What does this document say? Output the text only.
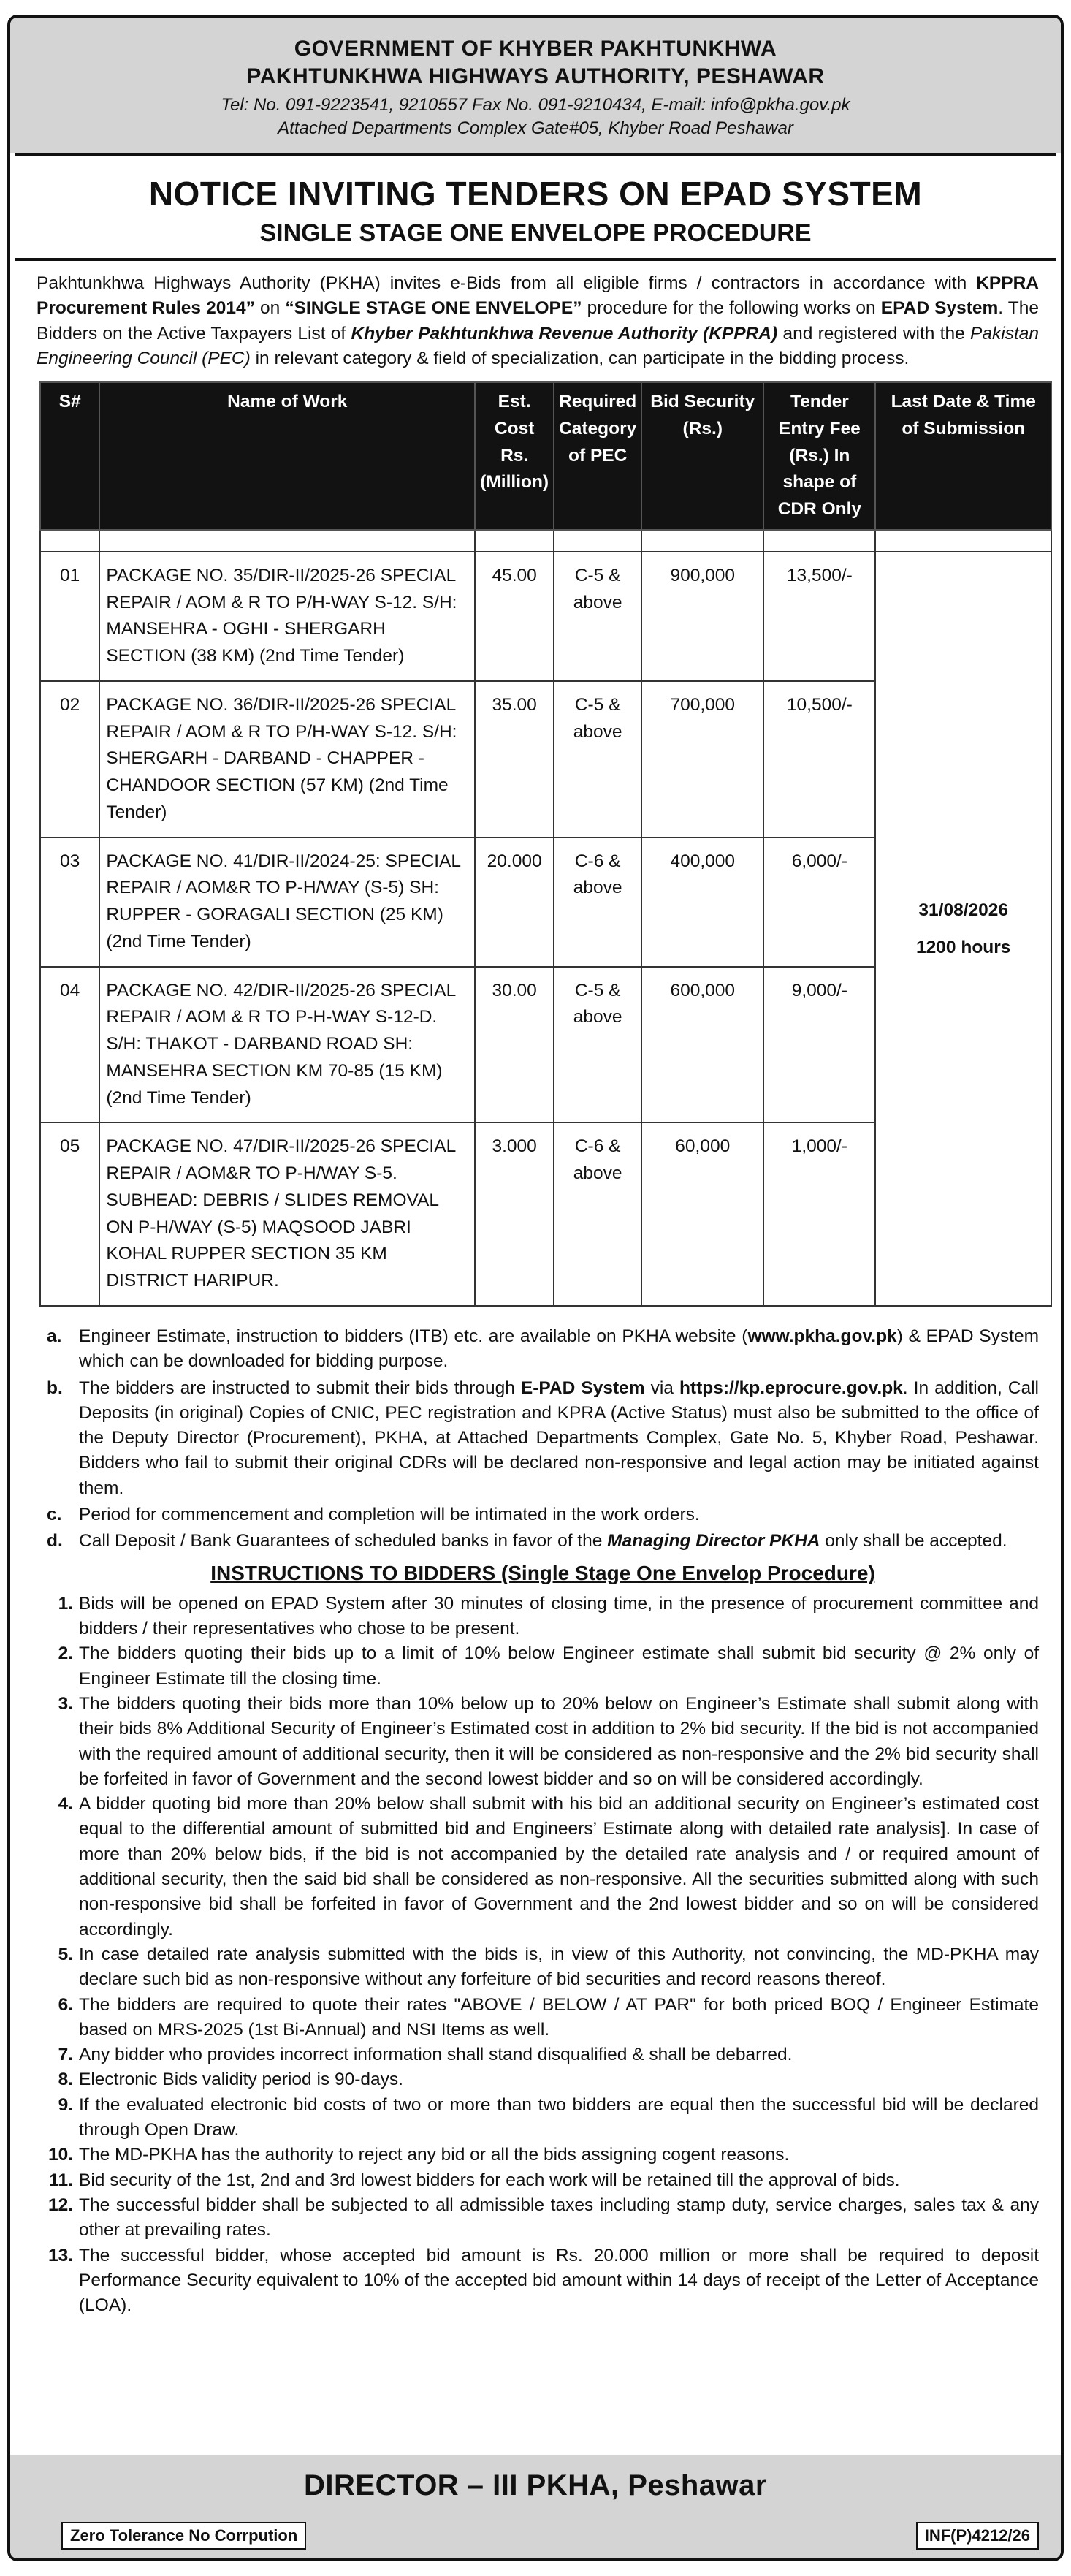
GOVERNMENT OF KHYBER PAKHTUNKHWA
PAKHTUNKHWA HIGHWAYS AUTHORITY, PESHAWAR
Tel: No. 091-9223541, 9210557 Fax No. 091-9210434, E-mail: info@pkha.gov.pk
Attached Departments Complex Gate#05, Khyber Road Peshawar
NOTICE INVITING TENDERS ON EPAD SYSTEM
SINGLE STAGE ONE ENVELOPE PROCEDURE
Pakhtunkhwa Highways Authority (PKHA) invites e-Bids from all eligible firms / contractors in accordance with KPPRA Procurement Rules 2014” on “SINGLE STAGE ONE ENVELOPE” procedure for the following works on EPAD System. The Bidders on the Active Taxpayers List of Khyber Pakhtunkhwa Revenue Authority (KPPRA) and registered with the Pakistan Engineering Council (PEC) in relevant category & field of specialization, can participate in the bidding process.
S#	Name of Work	Est. Cost Rs. (Million)	Required Category of PEC	Bid Security (Rs.)	Tender Entry Fee (Rs.) In shape of CDR Only	Last Date & Time of Submission

01	PACKAGE NO. 35/DIR-II/2025-26 SPECIAL REPAIR / AOM & R TO P/H-WAY S-12. S/H: MANSEHRA - OGHI - SHERGARH SECTION (38 KM) (2nd Time Tender)	45.00	C-5 & above	900,000	13,500/-	31/08/2026
1200 hours

02	PACKAGE NO. 36/DIR-II/2025-26 SPECIAL REPAIR / AOM & R TO P/H-WAY S-12. S/H: SHERGARH - DARBAND - CHAPPER - CHANDOOR SECTION (57 KM) (2nd Time Tender)	35.00	C-5 & above	700,000	10,500/-	
03	PACKAGE NO. 41/DIR-II/2024-25: SPECIAL REPAIR / AOM&R TO P-H/WAY (S-5) SH: RUPPER - GORAGALI SECTION (25 KM) (2nd Time Tender)	20.000	C-6 & above	400,000	6,000/-	
04	PACKAGE NO. 42/DIR-II/2025-26 SPECIAL REPAIR / AOM & R TO P-H-WAY S-12-D. S/H: THAKOT - DARBAND ROAD SH: MANSEHRA SECTION KM 70-85 (15 KM) (2nd Time Tender)	30.00	C-5 & above	600,000	9,000/-	
05	PACKAGE NO. 47/DIR-II/2025-26 SPECIAL REPAIR / AOM&R TO P-H/WAY S-5. SUBHEAD: DEBRIS / SLIDES REMOVAL ON P-H/WAY (S-5) MAQSOOD JABRI KOHAL RUPPER SECTION 35 KM DISTRICT HARIPUR.	3.000	C-6 & above	60,000	1,000/-	
a. Engineer Estimate, instruction to bidders (ITB) etc. are available on PKHA website (www.pkha.gov.pk) & EPAD System which can be downloaded for bidding purpose.
b. The bidders are instructed to submit their bids through E-PAD System via https://kp.eprocure.gov.pk. In addition, Call Deposits (in original) Copies of CNIC, PEC registration and KPRA (Active Status) must also be submitted to the office of the Deputy Director (Procurement), PKHA, at Attached Departments Complex, Gate No. 5, Khyber Road, Peshawar. Bidders who fail to submit their original CDRs will be declared non-responsive and legal action may be initiated against them.
c. Period for commencement and completion will be intimated in the work orders.
d. Call Deposit / Bank Guarantees of scheduled banks in favor of the Managing Director PKHA only shall be accepted.
INSTRUCTIONS TO BIDDERS (Single Stage One Envelop Procedure)
1. Bids will be opened on EPAD System after 30 minutes of closing time, in the presence of procurement committee and bidders / their representatives who chose to be present.
2. The bidders quoting their bids up to a limit of 10% below Engineer estimate shall submit bid security @ 2% only of Engineer Estimate till the closing time.
3. The bidders quoting their bids more than 10% below up to 20% below on Engineer’s Estimate shall submit along with their bids 8% Additional Security of Engineer’s Estimated cost in addition to 2% bid security. If the bid is not accompanied with the required amount of additional security, then it will be considered as non-responsive and the 2% bid security shall be forfeited in favor of Government and the second lowest bidder and so on will be considered accordingly.
4. A bidder quoting bid more than 20% below shall submit with his bid an additional security on Engineer’s estimated cost equal to the differential amount of submitted bid and Engineers’ Estimate along with detailed rate analysis]. In case of more than 20% below bids, if the bid is not accompanied by the detailed rate analysis and / or required amount of additional security, then the said bid shall be considered as non-responsive. All the securities submitted along with such non-responsive bid shall be forfeited in favor of Government and the 2nd lowest bidder and so on will be considered accordingly.
5. In case detailed rate analysis submitted with the bids is, in view of this Authority, not convincing, the MD-PKHA may declare such bid as non-responsive without any forfeiture of bid securities and record reasons thereof.
6. The bidders are required to quote their rates "ABOVE / BELOW / AT PAR" for both priced BOQ / Engineer Estimate based on MRS-2025 (1st Bi-Annual) and NSI Items as well.
7. Any bidder who provides incorrect information shall stand disqualified & shall be debarred.
8. Electronic Bids validity period is 90-days.
9. If the evaluated electronic bid costs of two or more than two bidders are equal then the successful bid will be declared through Open Draw.
10. The MD-PKHA has the authority to reject any bid or all the bids assigning cogent reasons.
11. Bid security of the 1st, 2nd and 3rd lowest bidders for each work will be retained till the approval of bids.
12. The successful bidder shall be subjected to all admissible taxes including stamp duty, service charges, sales tax & any other at prevailing rates.
13. The successful bidder, whose accepted bid amount is Rs. 20.000 million or more shall be required to deposit Performance Security equivalent to 10% of the accepted bid amount within 14 days of receipt of the Letter of Acceptance (LOA).
DIRECTOR – III PKHA, Peshawar
Zero Tolerance No Corrpution	INF(P)4212/26
